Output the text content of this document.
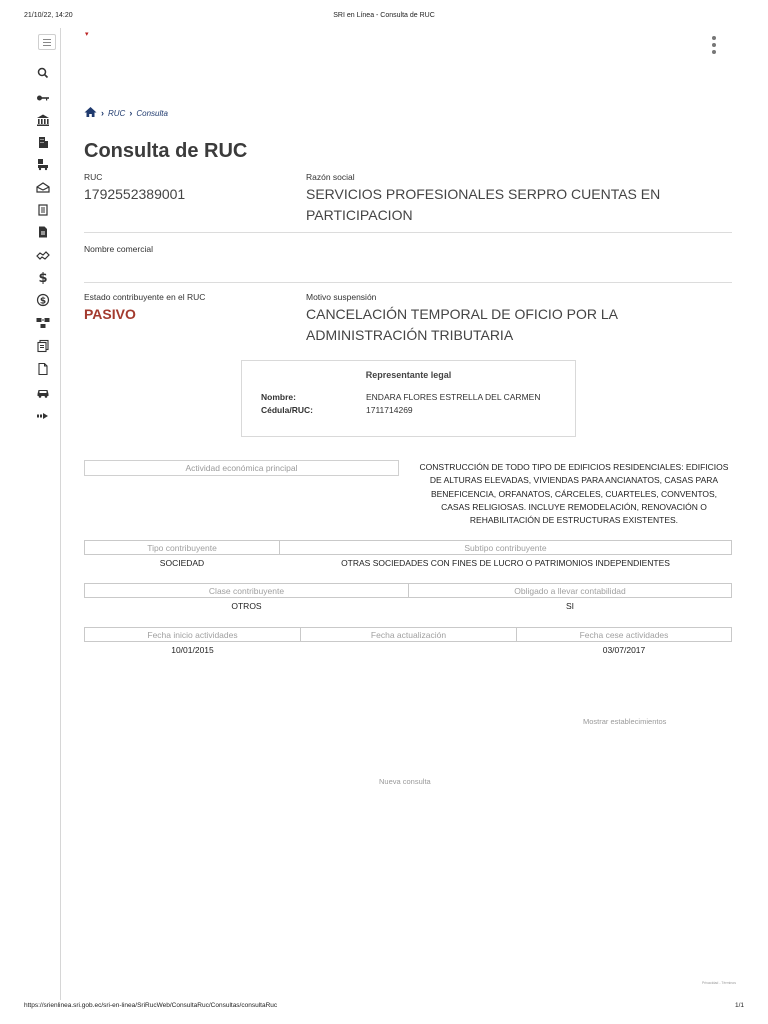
21/10/22, 14:20	SRI en Línea - Consulta de RUC
$
$
▾
› RUC › Consulta
Consulta de RUC
RUC
1792552389001
Razón social
SERVICIOS PROFESIONALES SERPRO CUENTAS EN
PARTICIPACION
Nombre comercial
Estado contribuyente en el RUC
PASIVO
Motivo suspensión
CANCELACIÓN TEMPORAL DE OFICIO POR LA
ADMINISTRACIÓN TRIBUTARIA
Representante legal
Nombre:	ENDARA FLORES ESTRELLA DEL CARMEN
Cédula/RUC:	1711714269
Actividad económica principal	CONSTRUCCIÓN DE TODO TIPO DE EDIFICIOS RESIDENCIALES: EDIFICIOS
DE ALTURAS ELEVADAS, VIVIENDAS PARA ANCIANATOS, CASAS PARA
BENEFICENCIA, ORFANATOS, CÁRCELES, CUARTELES, CONVENTOS,
CASAS RELIGIOSAS. INCLUYE REMODELACIÓN, RENOVACIÓN O
REHABILITACIÓN DE ESTRUCTURAS EXISTENTES.
Tipo contribuyente	Subtipo contribuyente
SOCIEDAD	OTRAS SOCIEDADES CON FINES DE LUCRO O PATRIMONIOS INDEPENDIENTES
Clase contribuyente	Obligado a llevar contabilidad
OTROS	SI
Fecha inicio actividades	Fecha actualización	Fecha cese actividades
10/01/2015		03/07/2017
Mostrar establecimientos
Nueva consulta
Privacidad - Términos
https://srienlinea.sri.gob.ec/sri-en-linea/SriRucWeb/ConsultaRuc/Consultas/consultaRuc	1/1
